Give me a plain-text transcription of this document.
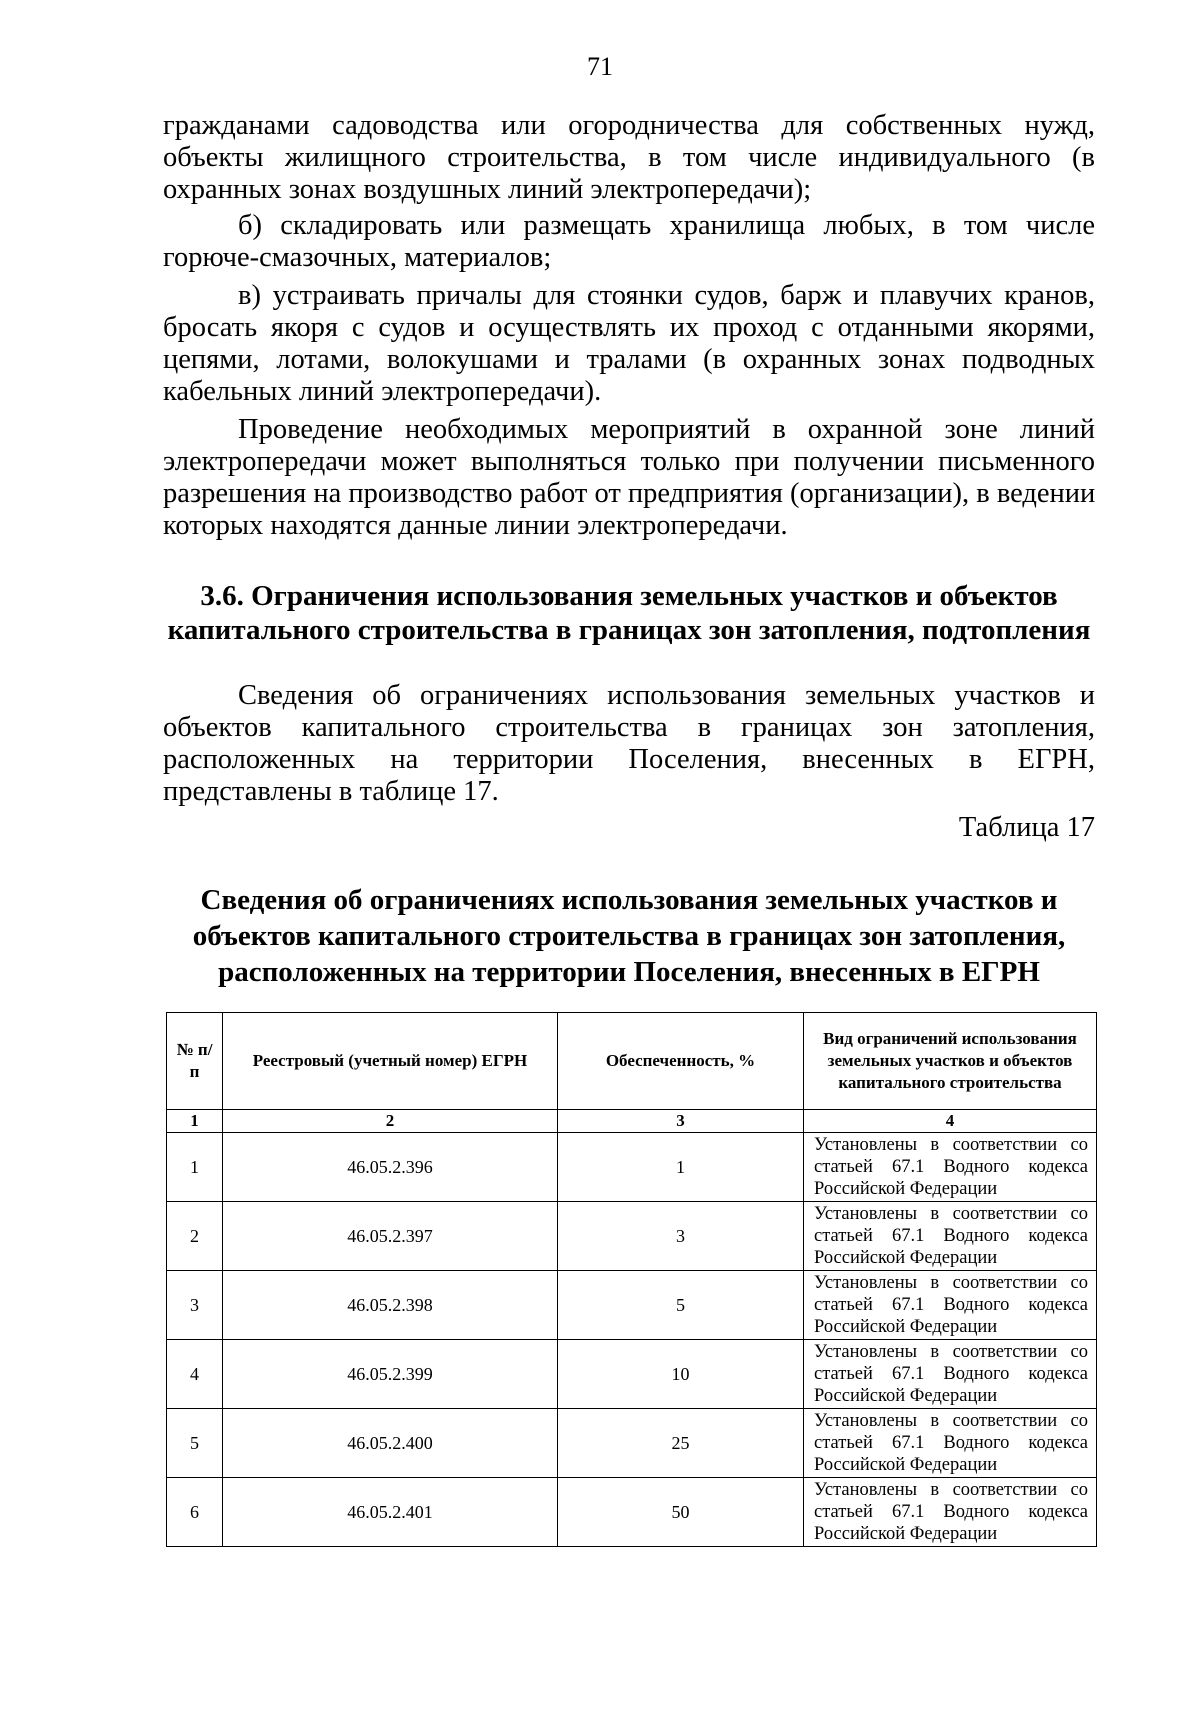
71
гражданами садоводства или огородничества для собственных нужд,
объекты жилищного строительства, в том числе индивидуального (в
охранных зонах воздушных линий электропередачи);
б) складировать или размещать хранилища любых, в том числе
горюче-смазочных, материалов;
в) устраивать причалы для стоянки судов, барж и плавучих кранов,
бросать якоря с судов и осуществлять их проход с отданными якорями,
цепями, лотами, волокушами и тралами (в охранных зонах подводных
кабельных линий электропередачи).
Проведение необходимых мероприятий в охранной зоне линий
электропередачи может выполняться только при получении письменного
разрешения на производство работ от предприятия (организации), в ведении
которых находятся данные линии электропередачи.
3.6. Ограничения использования земельных участков и объектов
капитального строительства в границах зон затопления, подтопления
Сведения об ограничениях использования земельных участков и
объектов капитального строительства в границах зон затопления,
расположенных на территории Поселения, внесенных в ЕГРН,
представлены в таблице 17.
Таблица 17
Сведения об ограничениях использования земельных участков и
объектов капитального строительства в границах зон затопления,
расположенных на территории Поселения, внесенных в ЕГРН
№ п/п	Реестровый (учетный номер) ЕГРН	Обеспеченность, %	Вид ограничений использования земельных участков и объектов капитального строительства
1	2	3	4
1	46.05.2.396	1	Установлены в соответствии со статьей 67.1 Водного кодекса Российской Федерации
2	46.05.2.397	3	Установлены в соответствии со статьей 67.1 Водного кодекса Российской Федерации
3	46.05.2.398	5	Установлены в соответствии со статьей 67.1 Водного кодекса Российской Федерации
4	46.05.2.399	10	Установлены в соответствии со статьей 67.1 Водного кодекса Российской Федерации
5	46.05.2.400	25	Установлены в соответствии со статьей 67.1 Водного кодекса Российской Федерации
6	46.05.2.401	50	Установлены в соответствии со статьей 67.1 Водного кодекса Российской Федерации
